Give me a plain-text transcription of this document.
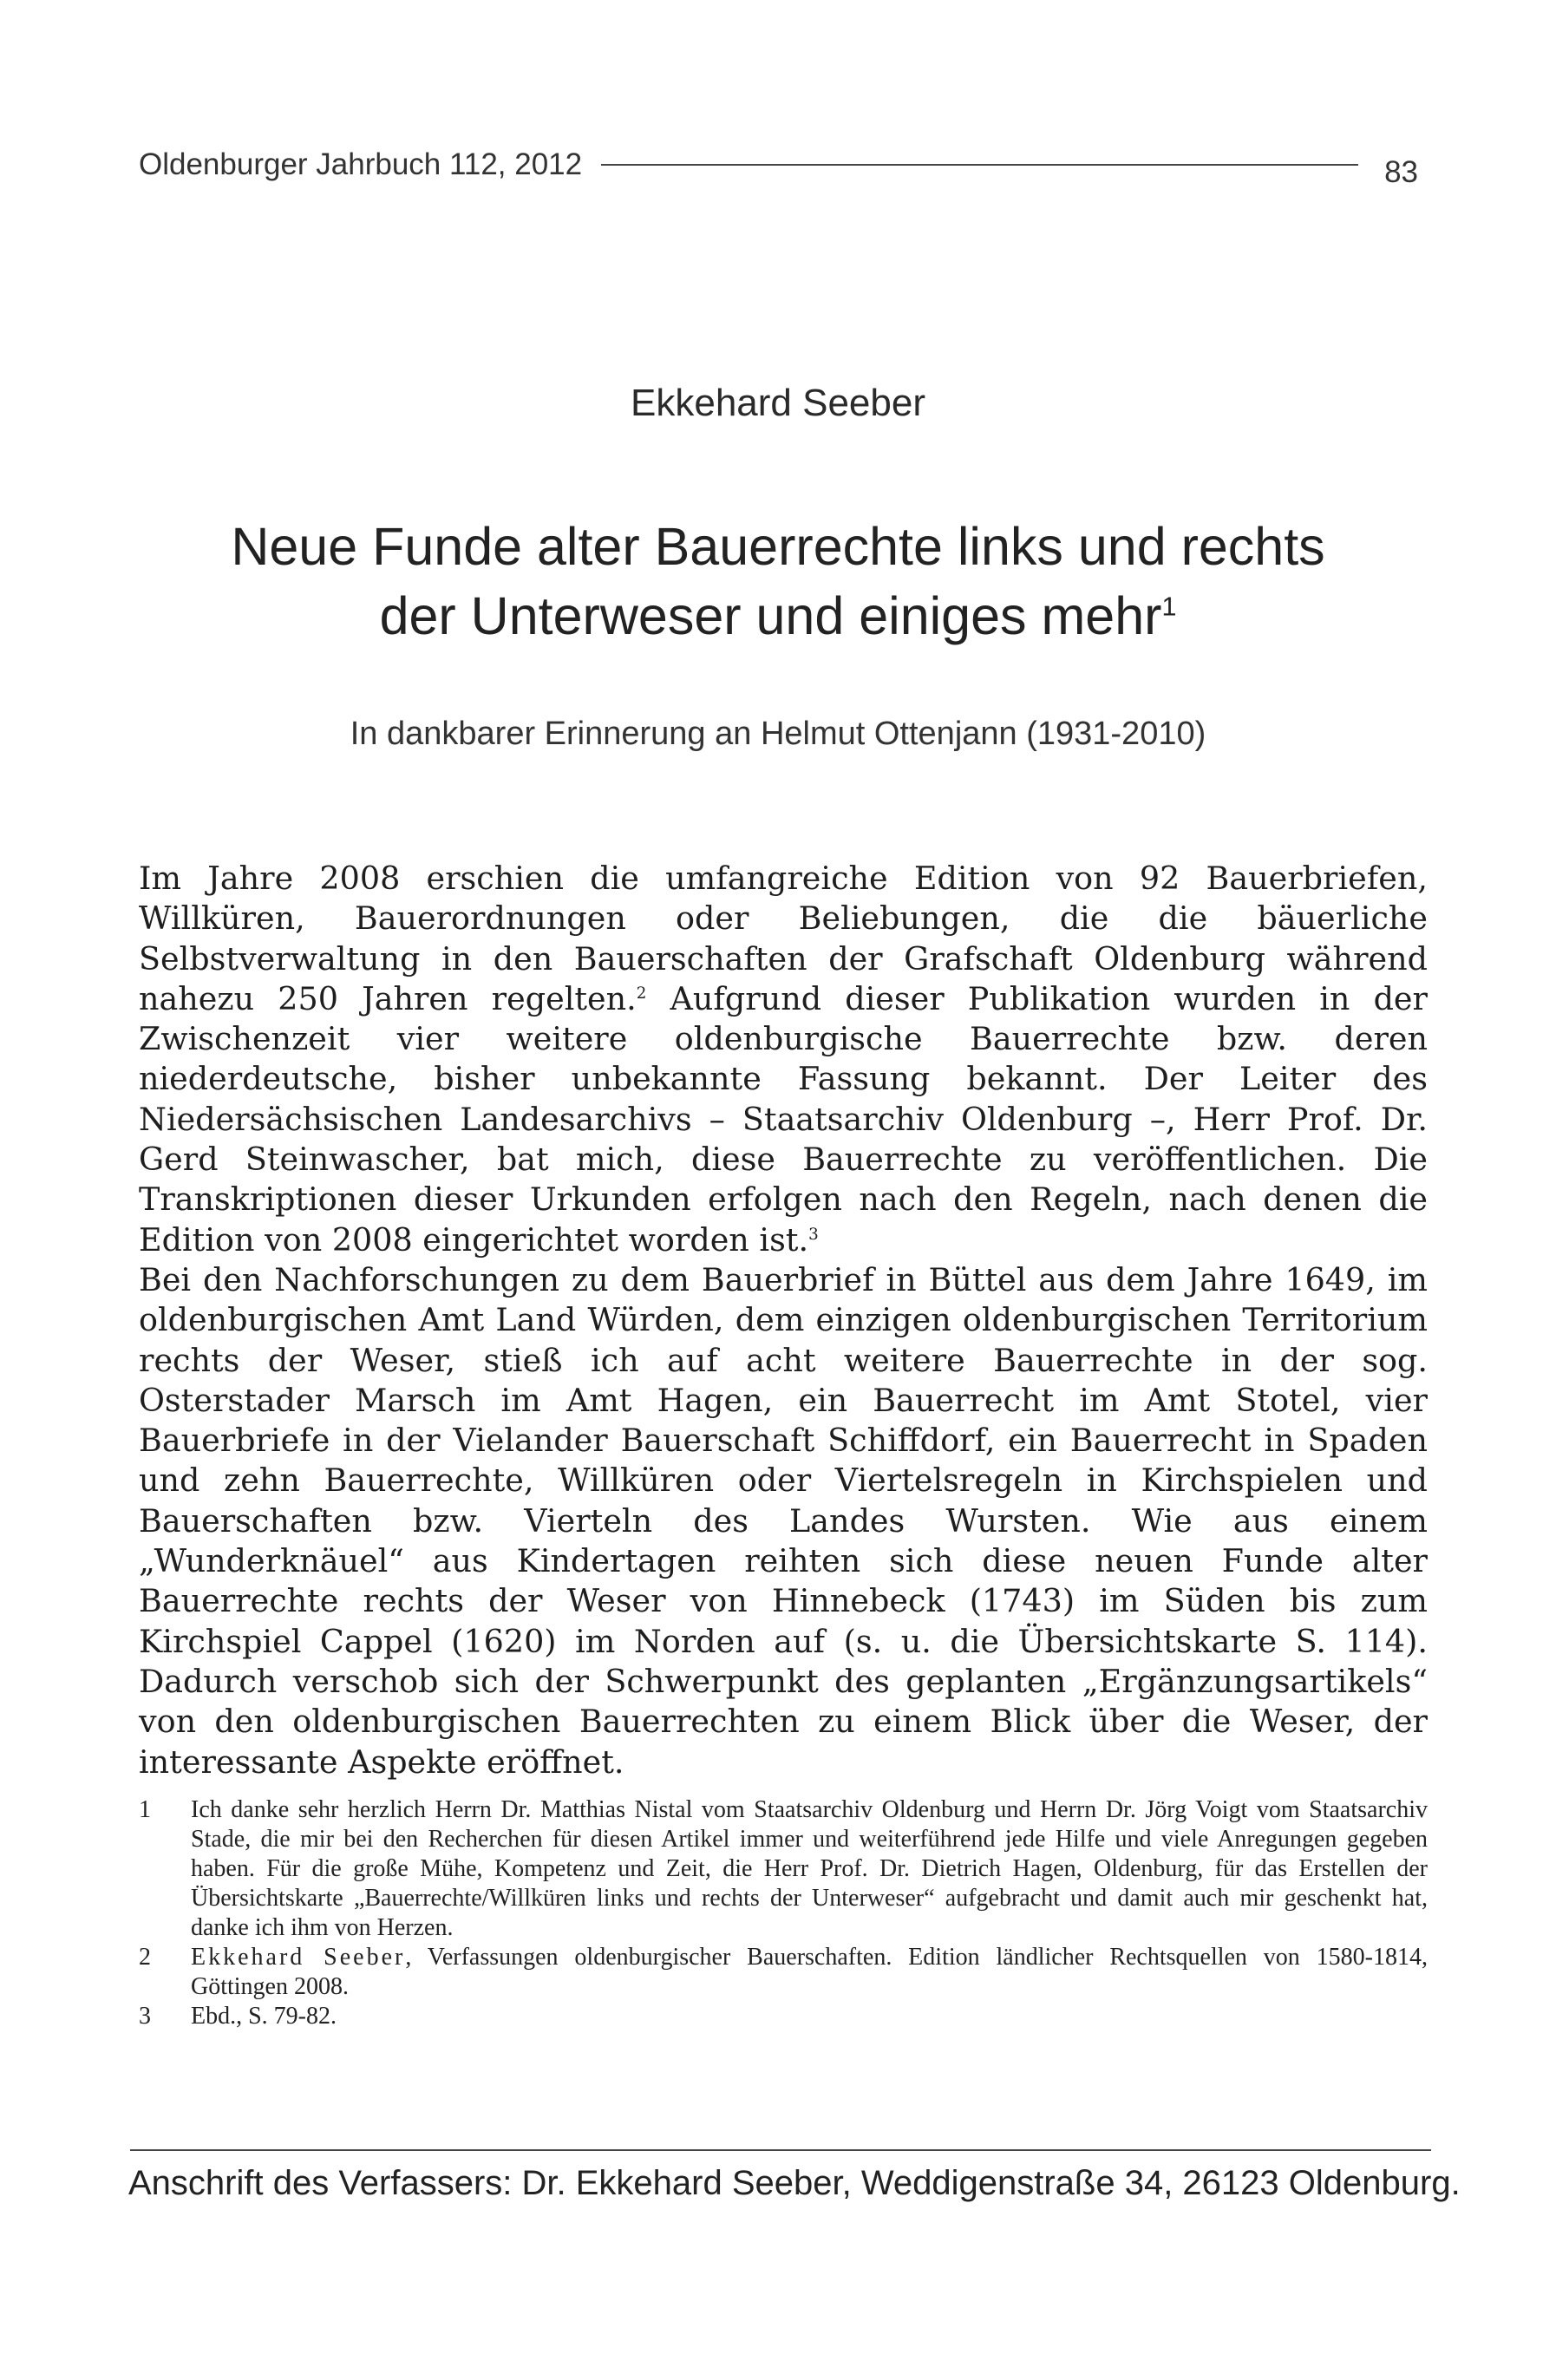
Oldenburger Jahrbuch 112, 2012	83
Ekkehard Seeber
Neue Funde alter Bauerrechte links und rechts
der Unterweser und einiges mehr$^1$
In dankbarer Erinnerung an Helmut Ottenjann (1931-2010)

Im Jahre 2008 erschien die umfangreiche Edition von 92 Bauerbriefen, Willküren, Bauerordnungen oder Beliebungen, die die bäuerliche Selbstverwaltung in den Bauerschaften der Grafschaft Oldenburg während nahezu 250 Jahren regelten.$^2$ Aufgrund dieser Publikation wurden in der Zwischenzeit vier weitere oldenburgische Bauerrechte bzw. deren niederdeutsche, bisher unbekannte Fassung bekannt. Der Leiter des Niedersächsischen Landesarchivs – Staatsarchiv Oldenburg –, Herr Prof. Dr. Gerd Steinwascher, bat mich, diese Bauerrechte zu veröffentlichen. Die Transkriptionen dieser Urkunden erfolgen nach den Regeln, nach denen die Edition von 2008 eingerichtet worden ist.$^3$

Bei den Nachforschungen zu dem Bauerbrief in Büttel aus dem Jahre 1649, im oldenburgischen Amt Land Würden, dem einzigen oldenburgischen Territorium rechts der Weser, stieß ich auf acht weitere Bauerrechte in der sog. Osterstader Marsch im Amt Hagen, ein Bauerrecht im Amt Stotel, vier Bauerbriefe in der Vielander Bauerschaft Schiffdorf, ein Bauerrecht in Spaden und zehn Bauerrechte, Willküren oder Viertelsregeln in Kirchspielen und Bauerschaften bzw. Vierteln des Landes Wursten. Wie aus einem „Wunderknäuel“ aus Kindertagen reihten sich diese neuen Funde alter Bauerrechte rechts der Weser von Hinnebeck (1743) im Süden bis zum Kirchspiel Cappel (1620) im Norden auf (s. u. die Übersichtskarte S. 114). Dadurch verschob sich der Schwerpunkt des geplanten „Ergänzungsartikels“ von den oldenburgischen Bauerrechten zu einem Blick über die Weser, der interessante Aspekte eröffnet.

1	Ich danke sehr herzlich Herrn Dr. Matthias Nistal vom Staatsarchiv Oldenburg und Herrn Dr. Jörg Voigt vom Staatsarchiv Stade, die mir bei den Recherchen für diesen Artikel immer und weiterführend jede Hilfe und viele Anregungen gegeben haben. Für die große Mühe, Kompetenz und Zeit, die Herr Prof. Dr. Dietrich Hagen, Oldenburg, für das Erstellen der Übersichtskarte „Bauerrechte/Willküren links und rechts der Unterweser“ aufgebracht und damit auch mir geschenkt hat, danke ich ihm von Herzen.
2	Ekkehard Seeber, Verfassungen oldenburgischer Bauerschaften. Edition ländlicher Rechtsquellen von 1580-1814, Göttingen 2008.
3	Ebd., S. 79-82.
Anschrift des Verfassers: Dr. Ekkehard Seeber, Weddigenstraße 34, 26123 Oldenburg.
